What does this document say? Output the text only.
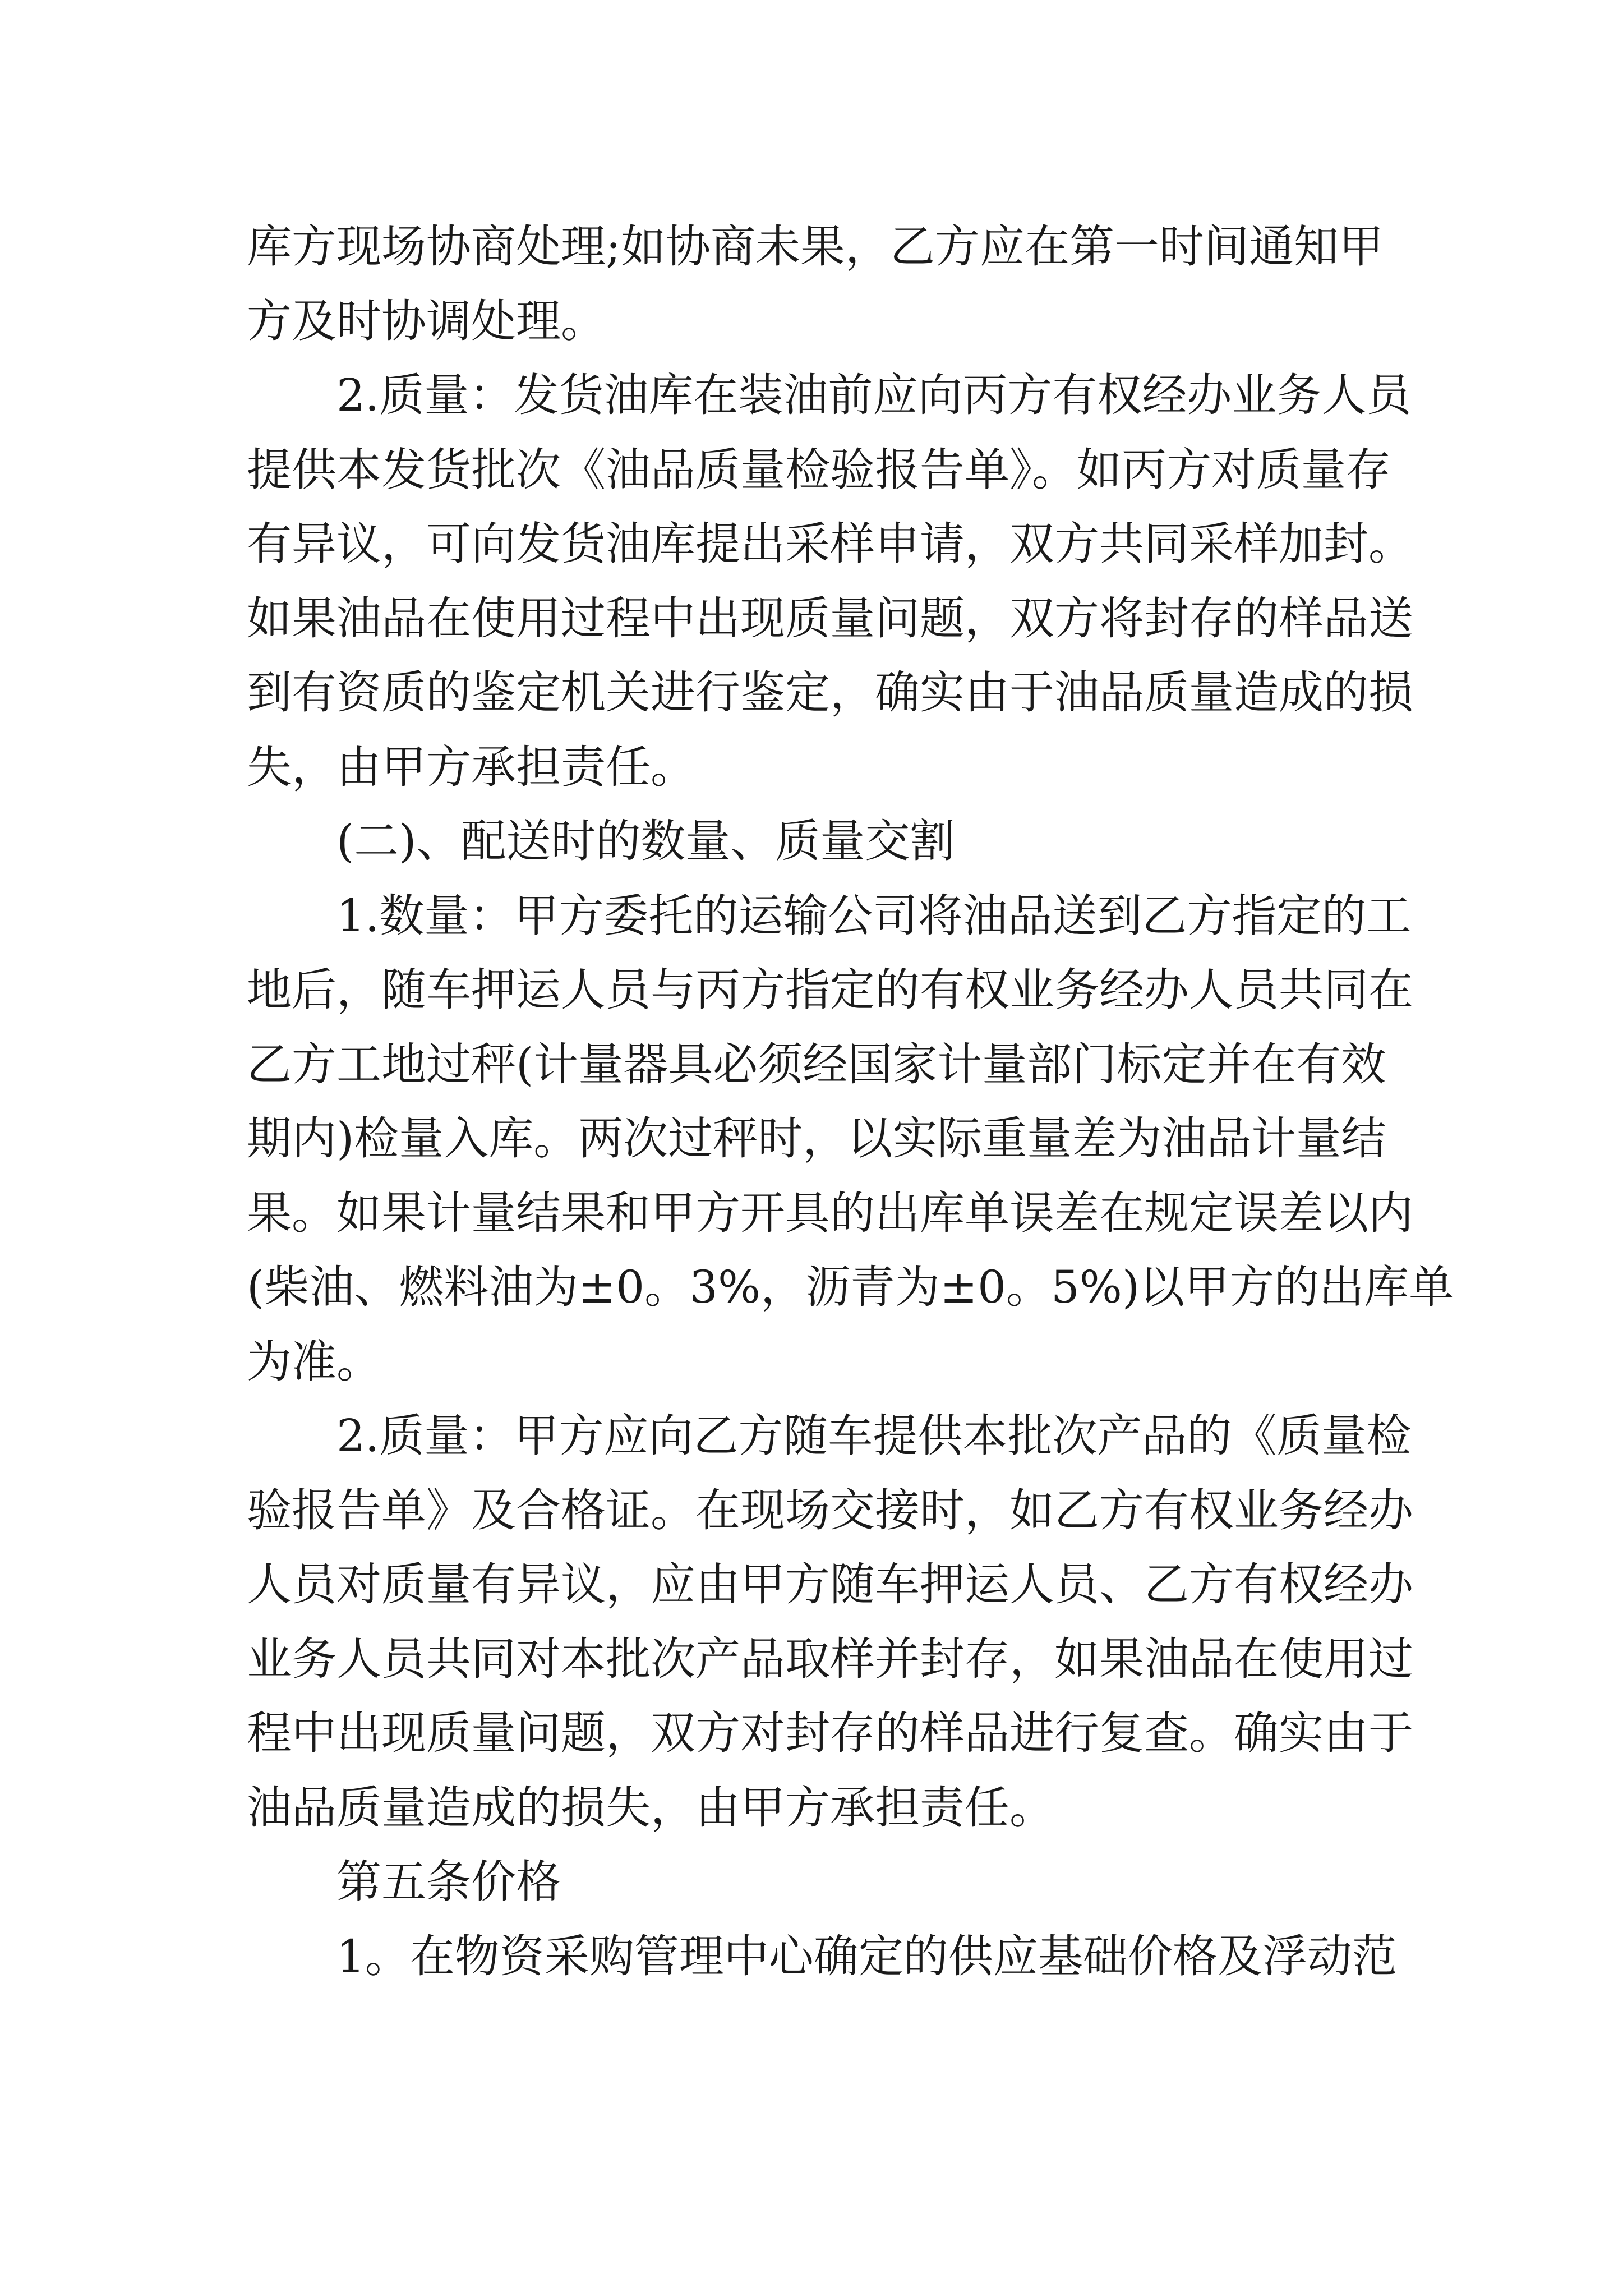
库方现场协商处理;如协商未果，乙方应在第一时间通知甲
方及时协调处理。
2.质量：发货油库在装油前应向丙方有权经办业务人员
提供本发货批次《油品质量检验报告单》。如丙方对质量存
有异议，可向发货油库提出采样申请，双方共同采样加封。
如果油品在使用过程中出现质量问题，双方将封存的样品送
到有资质的鉴定机关进行鉴定，确实由于油品质量造成的损
失，由甲方承担责任。
(二)、配送时的数量、质量交割
1.数量：甲方委托的运输公司将油品送到乙方指定的工
地后，随车押运人员与丙方指定的有权业务经办人员共同在
乙方工地过秤(计量器具必须经国家计量部门标定并在有效
期内)检量入库。两次过秤时，以实际重量差为油品计量结
果。如果计量结果和甲方开具的出库单误差在规定误差以内
(柴油、燃料油为±0。3%，沥青为±0。5%)以甲方的出库单
为准。
2.质量：甲方应向乙方随车提供本批次产品的《质量检
验报告单》及合格证。在现场交接时，如乙方有权业务经办
人员对质量有异议，应由甲方随车押运人员、乙方有权经办
业务人员共同对本批次产品取样并封存，如果油品在使用过
程中出现质量问题，双方对封存的样品进行复查。确实由于
油品质量造成的损失，由甲方承担责任。
第五条价格
1。在物资采购管理中心确定的供应基础价格及浮动范
